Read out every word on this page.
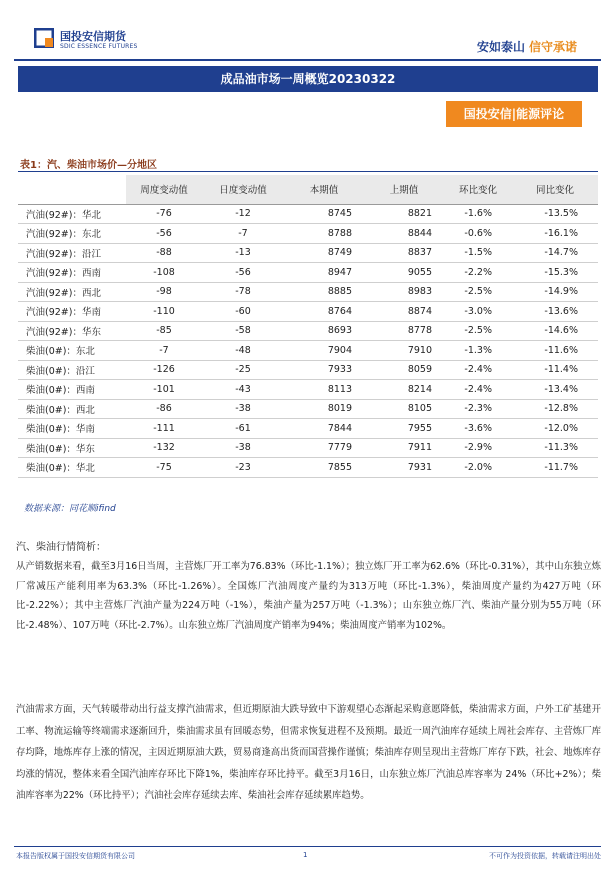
国投安信期货
SDIC ESSENCE FUTURES	安如泰山 信守承诺
成品油市场一周概览20230322
国投安信|能源评论
表1：汽、柴油市场价—分地区
	周度变动值	日度变动值	本期值	上期值	环比变化	同比变化
汽油(92#)：华北	-76	-12	8745	8821	-1.6%	-13.5%
汽油(92#)：东北	-56	-7	8788	8844	-0.6%	-16.1%
汽油(92#)：沿江	-88	-13	8749	8837	-1.5%	-14.7%
汽油(92#)：西南	-108	-56	8947	9055	-2.2%	-15.3%
汽油(92#)：西北	-98	-78	8885	8983	-2.5%	-14.9%
汽油(92#)：华南	-110	-60	8764	8874	-3.0%	-13.6%
汽油(92#)：华东	-85	-58	8693	8778	-2.5%	-14.6%
柴油(0#)：东北	-7	-48	7904	7910	-1.3%	-11.6%
柴油(0#)：沿江	-126	-25	7933	8059	-2.4%	-11.4%
柴油(0#)：西南	-101	-43	8113	8214	-2.4%	-13.4%
柴油(0#)：西北	-86	-38	8019	8105	-2.3%	-12.8%
柴油(0#)：华南	-111	-61	7844	7955	-3.6%	-12.0%
柴油(0#)：华东	-132	-38	7779	7911	-2.9%	-11.3%
柴油(0#)：华北	-75	-23	7855	7931	-2.0%	-11.7%
数据来源：同花顺ifind
汽、柴油行情简析：
从产销数据来看，截至3月16日当周，主营炼厂开工率为76.83%（环比-1.1%）；独立炼厂开工率为62.6%（环比-0.31%），其中山东独立炼厂常减压产能利用率为63.3%（环比-1.26%）。全国炼厂汽油周度产量约为313万吨（环比-1.3%），柴油周度产量约为427万吨（环比-2.22%）；其中主营炼厂汽油产量为224万吨（-1%），柴油产量为257万吨（-1.3%）；山东独立炼厂汽、柴油产量分别为55万吨（环比-2.48%）、107万吨（环比-2.7%）。山东独立炼厂汽油周度产销率为94%；柴油周度产销率为102%。
汽油需求方面，天气转暖带动出行益支撑汽油需求，但近期原油大跌导致中下游观望心态渐起采购意愿降低，柴油需求方面，户外工矿基建开工率、物流运输等终端需求逐渐回升，柴油需求虽有回暖态势，但需求恢复进程不及预期。最近一周汽油库存延续上周社会库存、主营炼厂库存均降，地炼库存上涨的情况，主因近期原油大跌，贸易商逢高出货而国营操作谨慎；柴油库存则呈现出主营炼厂库存下跌，社会、地炼库存均涨的情况，整体来看全国汽油库存环比下降1%，柴油库存环比持平。截至3月16日，山东独立炼厂汽油总库容率为 24%（环比+2%）；柴油库容率为22%（环比持平）；汽油社会库存延续去库、柴油社会库存延续累库趋势。
本报告版权属于国投安信期货有限公司	1	不可作为投资依据，转载请注明出处
